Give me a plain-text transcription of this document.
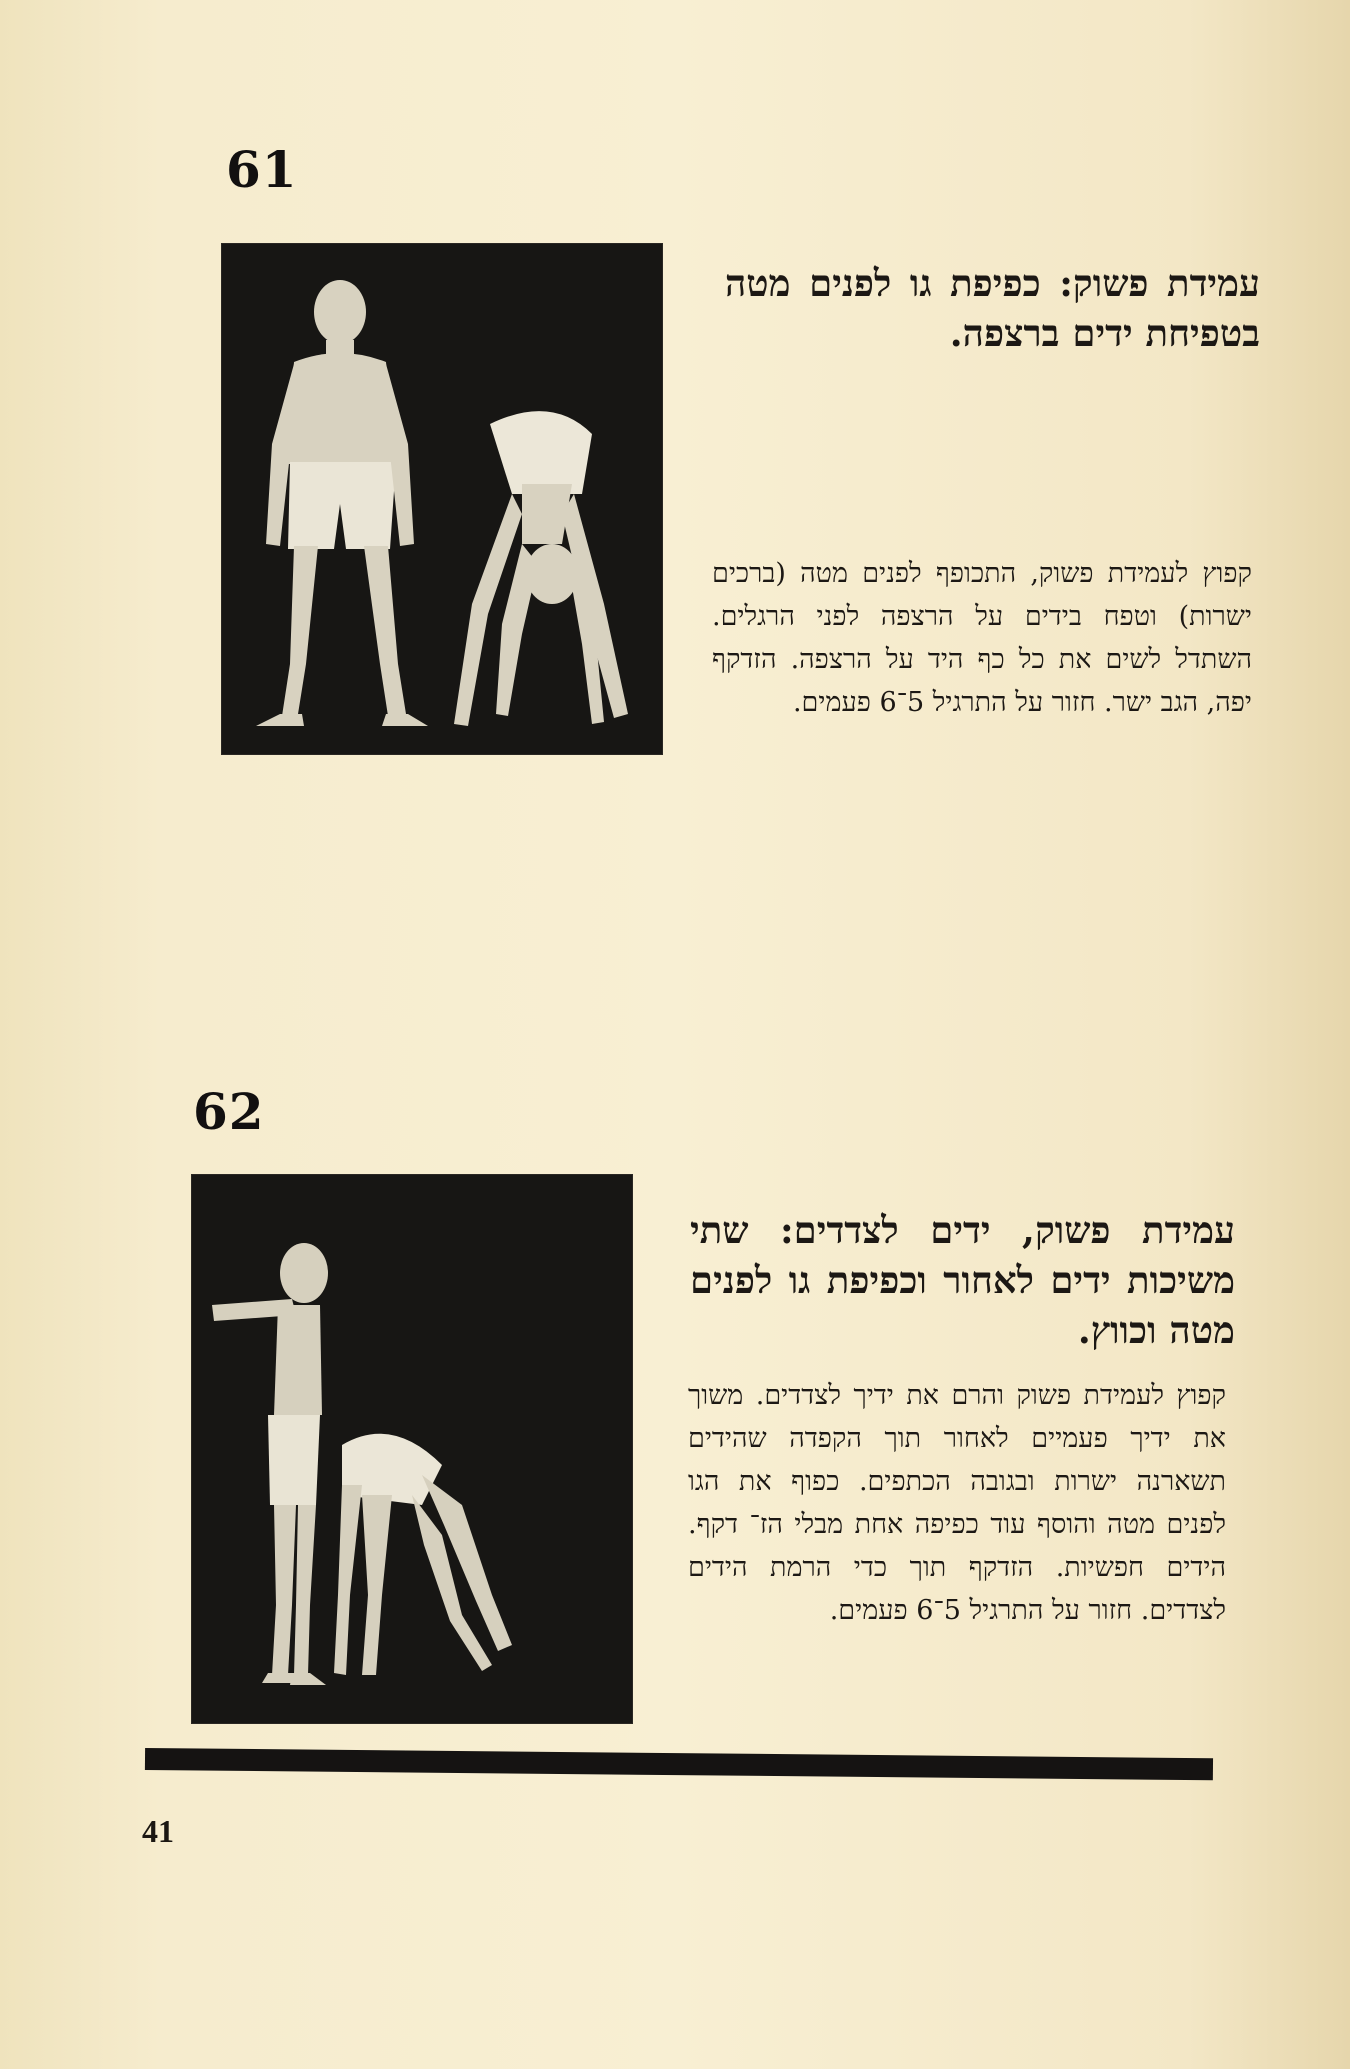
61
עמידת פשוק: כפיפת גו לפנים מטה בטפיחת ידים ברצפה.
קפוץ לעמידת פשוק, התכופף לפנים מטה (ברכים ישרות) וטפח בידים על הרצפה לפני הרגלים. השתדל לשים את כל כף היד על הרצפה. הזדקף יפה, הגב ישר. חזור על התרגיל 5־6 פעמים.
62
עמידת פשוק, ידים לצדדים: שתי משיכות ידים לאחור וכפיפת גו לפנים מטה וכווץ.
קפוץ לעמידת פשוק והרם את ידיך לצדדים. משוך את ידיך פעמיים לאחור תוך הקפדה שהידים תשארנה ישרות ובגובה הכתפים. כפוף את הגו לפנים מטה והוסף עוד כפיפה אחת מבלי הז־ דקף. הידים חפשיות. הזדקף תוך כדי הרמת הידים לצדדים. חזור על התרגיל 5־6 פעמים.
41
